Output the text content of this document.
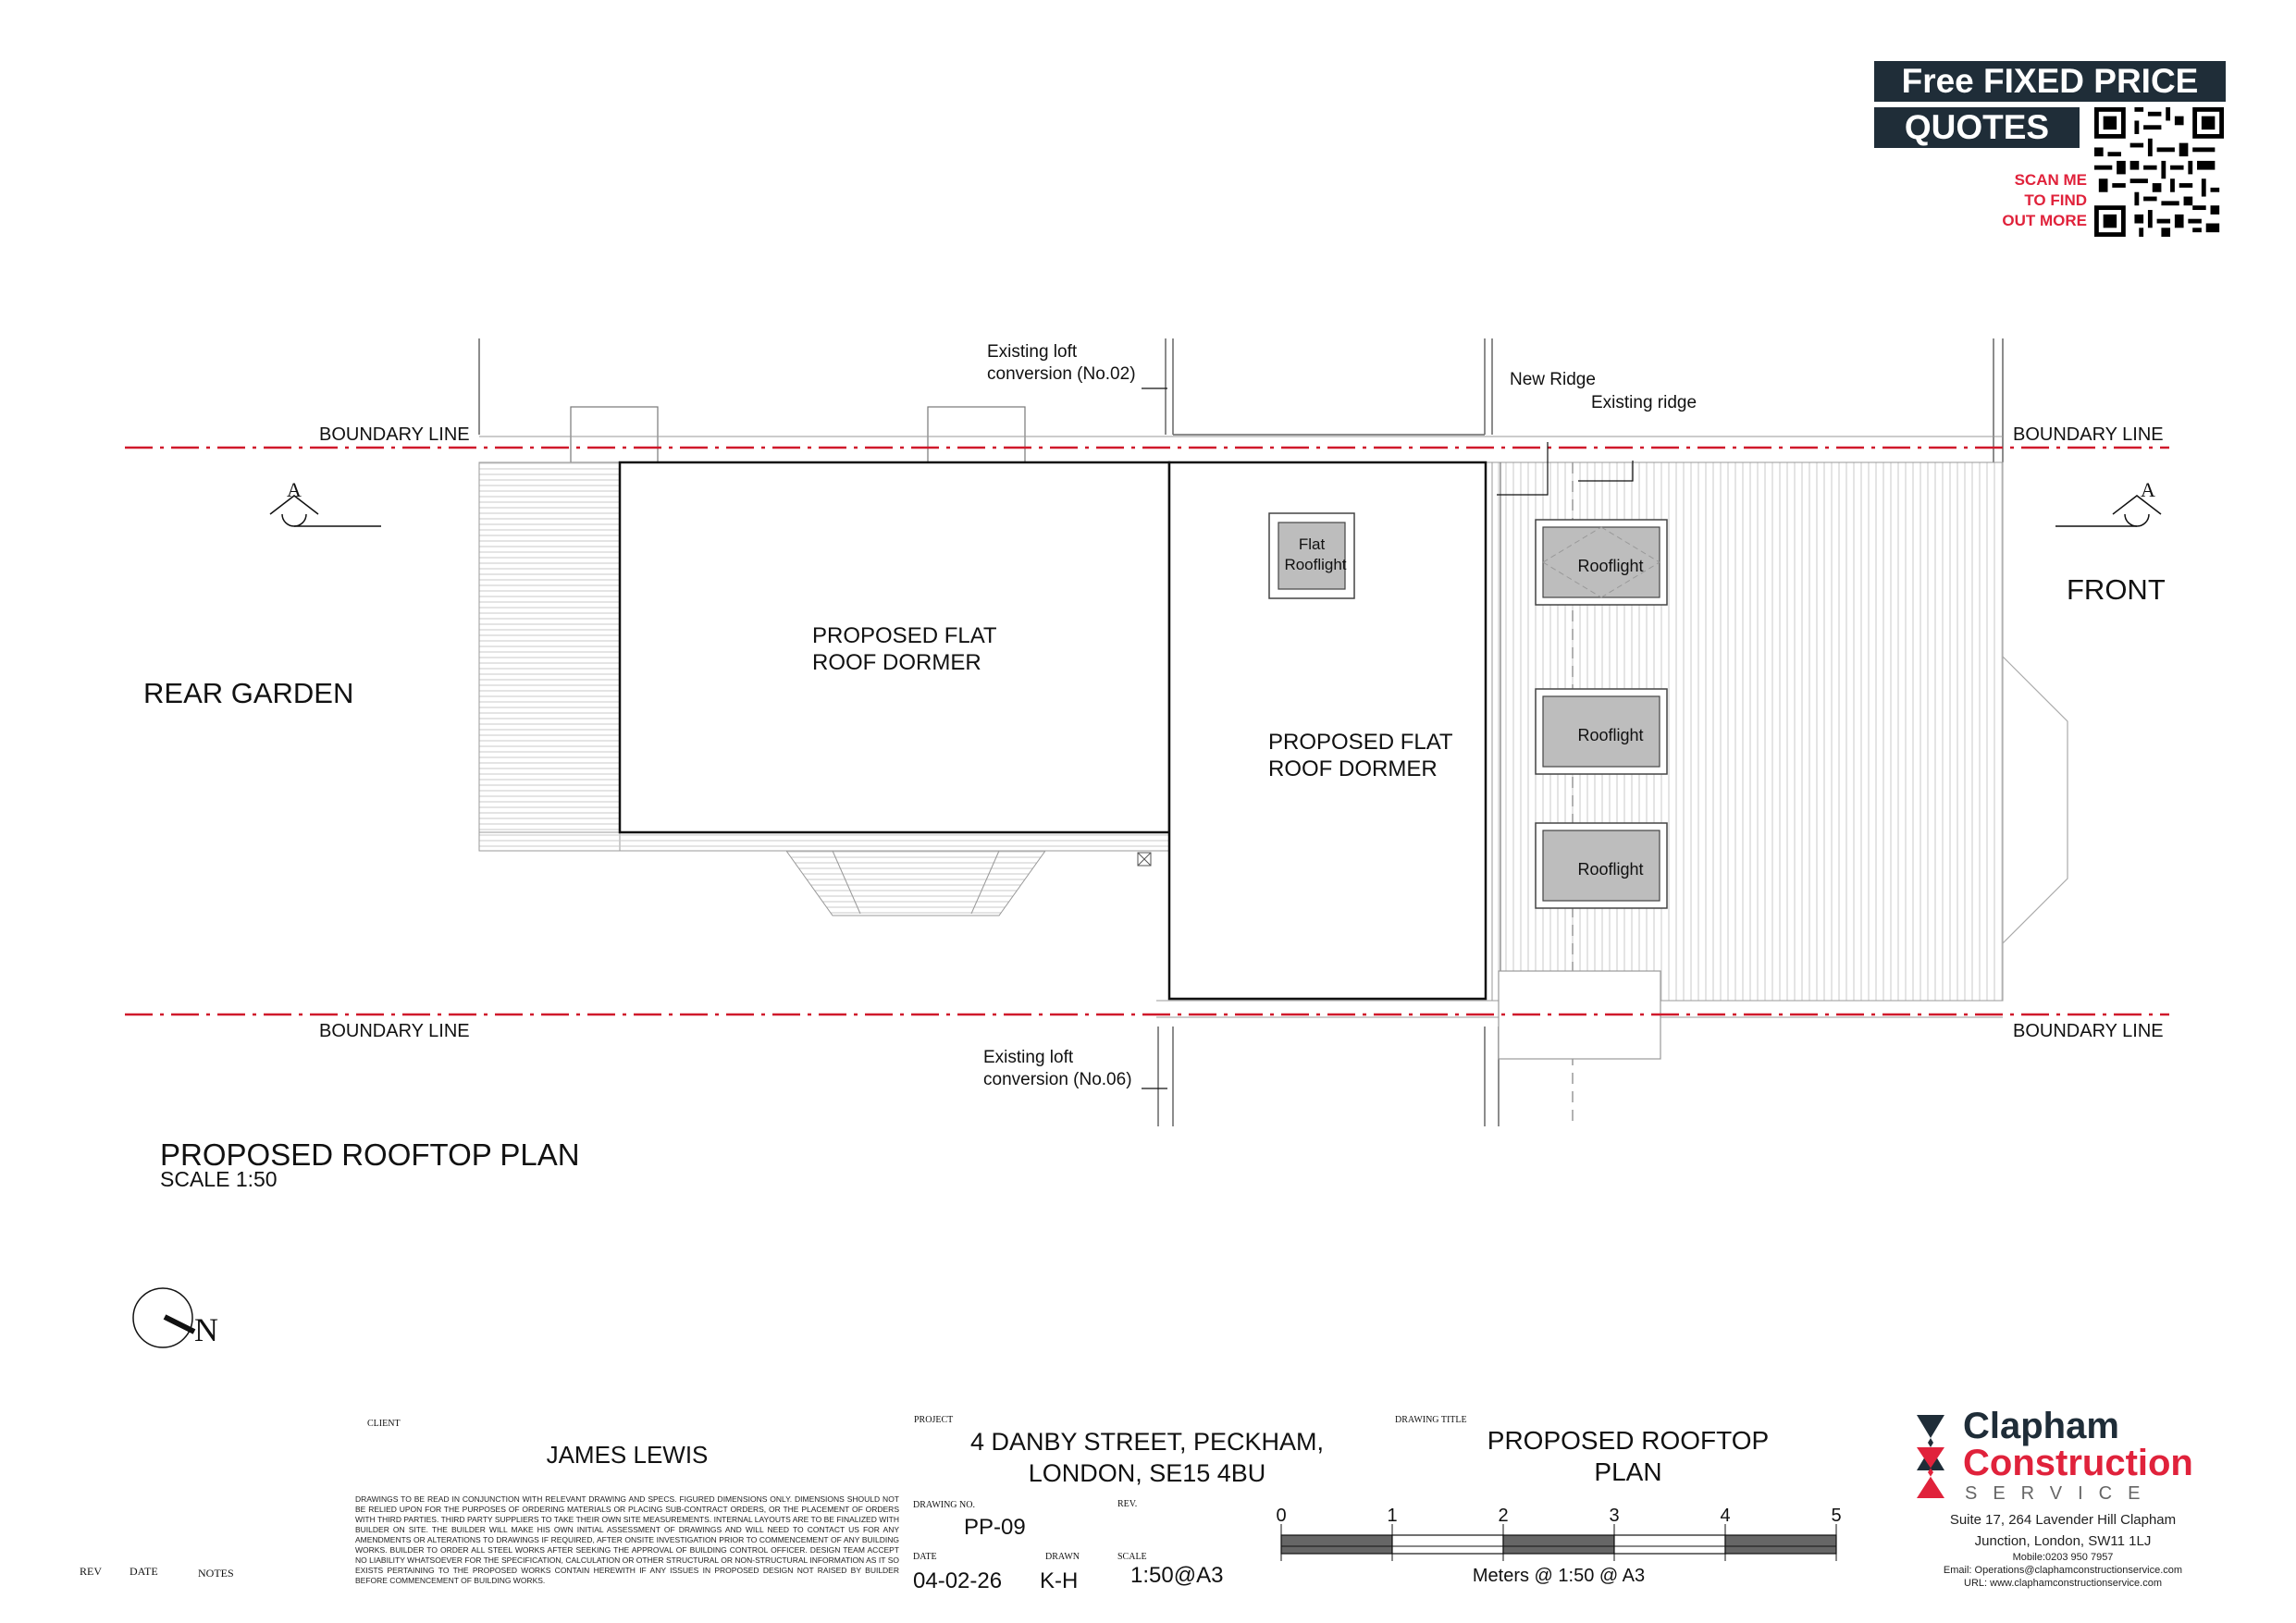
Free FIXED PRICE
QUOTES
SCAN ME
TO FIND
OUT MORE
BOUNDARY LINE	BOUNDARY LINE
BOUNDARY LINE	BOUNDARY LINE
Existing loft
conversion (No.02)
Existing loft
conversion (No.06)
New Ridge
Existing ridge
REAR GARDEN
FRONT
PROPOSED FLAT
ROOF DORMER
PROPOSED FLAT
ROOF DORMER
Flat
Rooflight	Rooflight
Rooflight
Rooflight
A	A
N
PROPOSED ROOFTOP PLAN
SCALE 1:50
0	1	2	3	4	5
Meters @ 1:50 @ A3
REV	DATE	NOTES
CLIENT
JAMES LEWIS
DRAWINGS TO BE READ IN CONJUNCTION WITH RELEVANT DRAWING AND SPECS. FIGURED DIMENSIONS ONLY. DIMENSIONS SHOULD NOT BE RELIED UPON FOR THE PURPOSES OF ORDERING MATERIALS OR PLACING SUB-CONTRACT ORDERS, OR THE PLACEMENT OF ORDERS WITH THIRD PARTIES. THIRD PARTY SUPPLIERS TO TAKE THEIR OWN SITE MEASUREMENTS. INTERNAL LAYOUTS ARE TO BE FINALIZED WITH BUILDER ON SITE. THE BUILDER WILL MAKE HIS OWN INITIAL ASSESSMENT OF DRAWINGS AND WILL NEED TO CONTACT US FOR ANY AMENDMENTS OR ALTERATIONS TO DRAWINGS IF REQUIRED, AFTER ONSITE INVESTIGATION PRIOR TO COMMENCEMENT OF ANY BUILDING WORKS. BUILDER TO ORDER ALL STEEL WORKS AFTER SEEKING THE APPROVAL OF BUILDING CONTROL OFFICER. DESIGN TEAM ACCEPT NO LIABILITY WHATSOEVER FOR THE SPECIFICATION, CALCULATION OR OTHER STRUCTURAL OR NON-STRUCTURAL INFORMATION AS IT SO EXISTS PERTAINING TO THE PROPOSED WORKS CONTAIN HEREWITH IF ANY ISSUES IN PROPOSED DESIGN NOT RAISED BY BUILDER BEFORE COMMENCEMENT OF BUILDING WORKS.
PROJECT
4 DANBY STREET, PECKHAM,
LONDON, SE15 4BU
DRAWING NO.
PP-09
REV.
DATE
04-02-26
DRAWN
K-H
SCALE
1:50@A3
DRAWING TITLE
PROPOSED ROOFTOP
PLAN
Clapham
Construction
SERVICE
Suite 17, 264 Lavender Hill Clapham
Junction, London, SW11 1LJ
Mobile:0203 950 7957
Email: Operations@claphamconstructionservice.com
URL: www.claphamconstructionservice.com
